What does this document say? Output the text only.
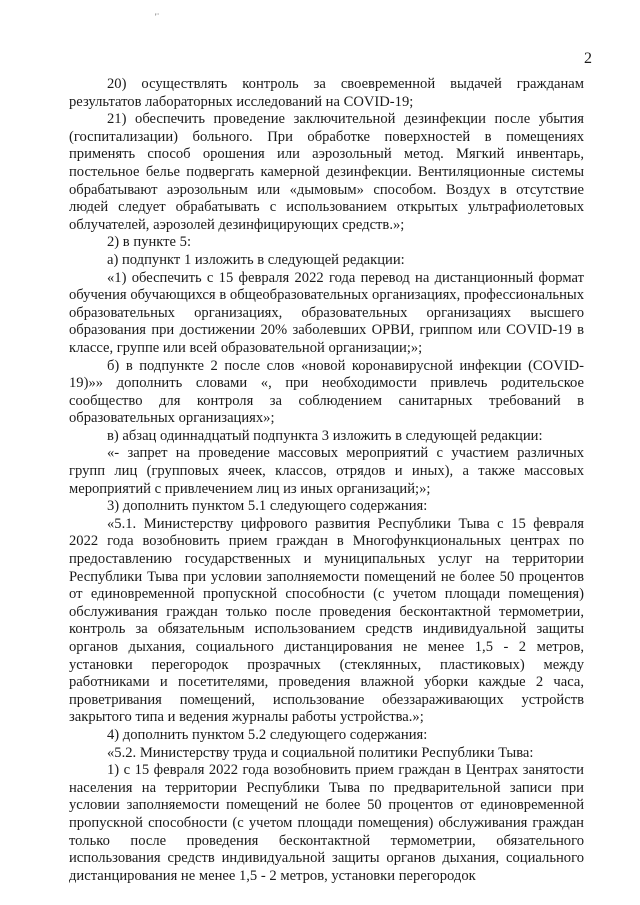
'ʿ
2

20) осуществлять контроль за своевременной выдачей гражданам результатов лабораторных исследований на COVID-19;

21) обеспечить проведение заключительной дезинфекции после убытия (госпитализации) больного. При обработке поверхностей в помещениях применять способ орошения или аэрозольный метод. Мягкий инвентарь, постельное белье подвергать камерной дезинфекции. Вентиляционные системы обрабатывают аэрозольным или «дымовым» способом. Воздух в отсутствие людей следует обрабатывать с использованием открытых ультрафиолетовых облучателей, аэрозолей дезинфицирующих средств.»;

2) в пункте 5:

а) подпункт 1 изложить в следующей редакции:

«1) обеспечить с 15 февраля 2022 года перевод на дистанционный формат обучения обучающихся в общеобразовательных организациях, профессиональных образовательных организациях, образовательных организациях высшего образования при достижении 20% заболевших ОРВИ, гриппом или COVID-19 в классе, группе или всей образовательной организации;»;

б) в подпункте 2 после слов «новой коронавирусной инфекции (COVID-19)»» дополнить словами «, при необходимости привлечь родительское сообщество для контроля за соблюдением санитарных требований в образовательных организациях»;

в) абзац одиннадцатый подпункта 3 изложить в следующей редакции:

«- запрет на проведение массовых мероприятий с участием различных групп лиц (групповых ячеек, классов, отрядов и иных), а также массовых мероприятий с привлечением лиц из иных организаций;»;

3) дополнить пунктом 5.1 следующего содержания:

«5.1. Министерству цифрового развития Республики Тыва с 15 февраля 2022 года возобновить прием граждан в Многофункциональных центрах по предоставлению государственных и муниципальных услуг на территории Республики Тыва при условии заполняемости помещений не более 50 процентов от единовременной пропускной способности (с учетом площади помещения) обслуживания граждан только после проведения бесконтактной термометрии, контроль за обязательным использованием средств индивидуальной защиты органов дыхания, социального дистанцирования не менее 1,5 - 2 метров, установки перегородок прозрачных (стеклянных, пластиковых) между работниками и посетителями, проведения влажной уборки каждые 2 часа, проветривания помещений, использование обеззараживающих устройств закрытого типа и ведения журналы работы устройства.»;

4) дополнить пунктом 5.2 следующего содержания:

«5.2. Министерству труда и социальной политики Республики Тыва:

1) с 15 февраля 2022 года возобновить прием граждан в Центрах занятости населения на территории Республики Тыва по предварительной записи при условии заполняемости помещений не более 50 процентов от единовременной пропускной способности (с учетом площади помещения) обслуживания граждан только после проведения бесконтактной термометрии, обязательного использования средств индивидуальной защиты органов дыхания, социального дистанцирования не менее 1,5 - 2 метров, установки перегородок
